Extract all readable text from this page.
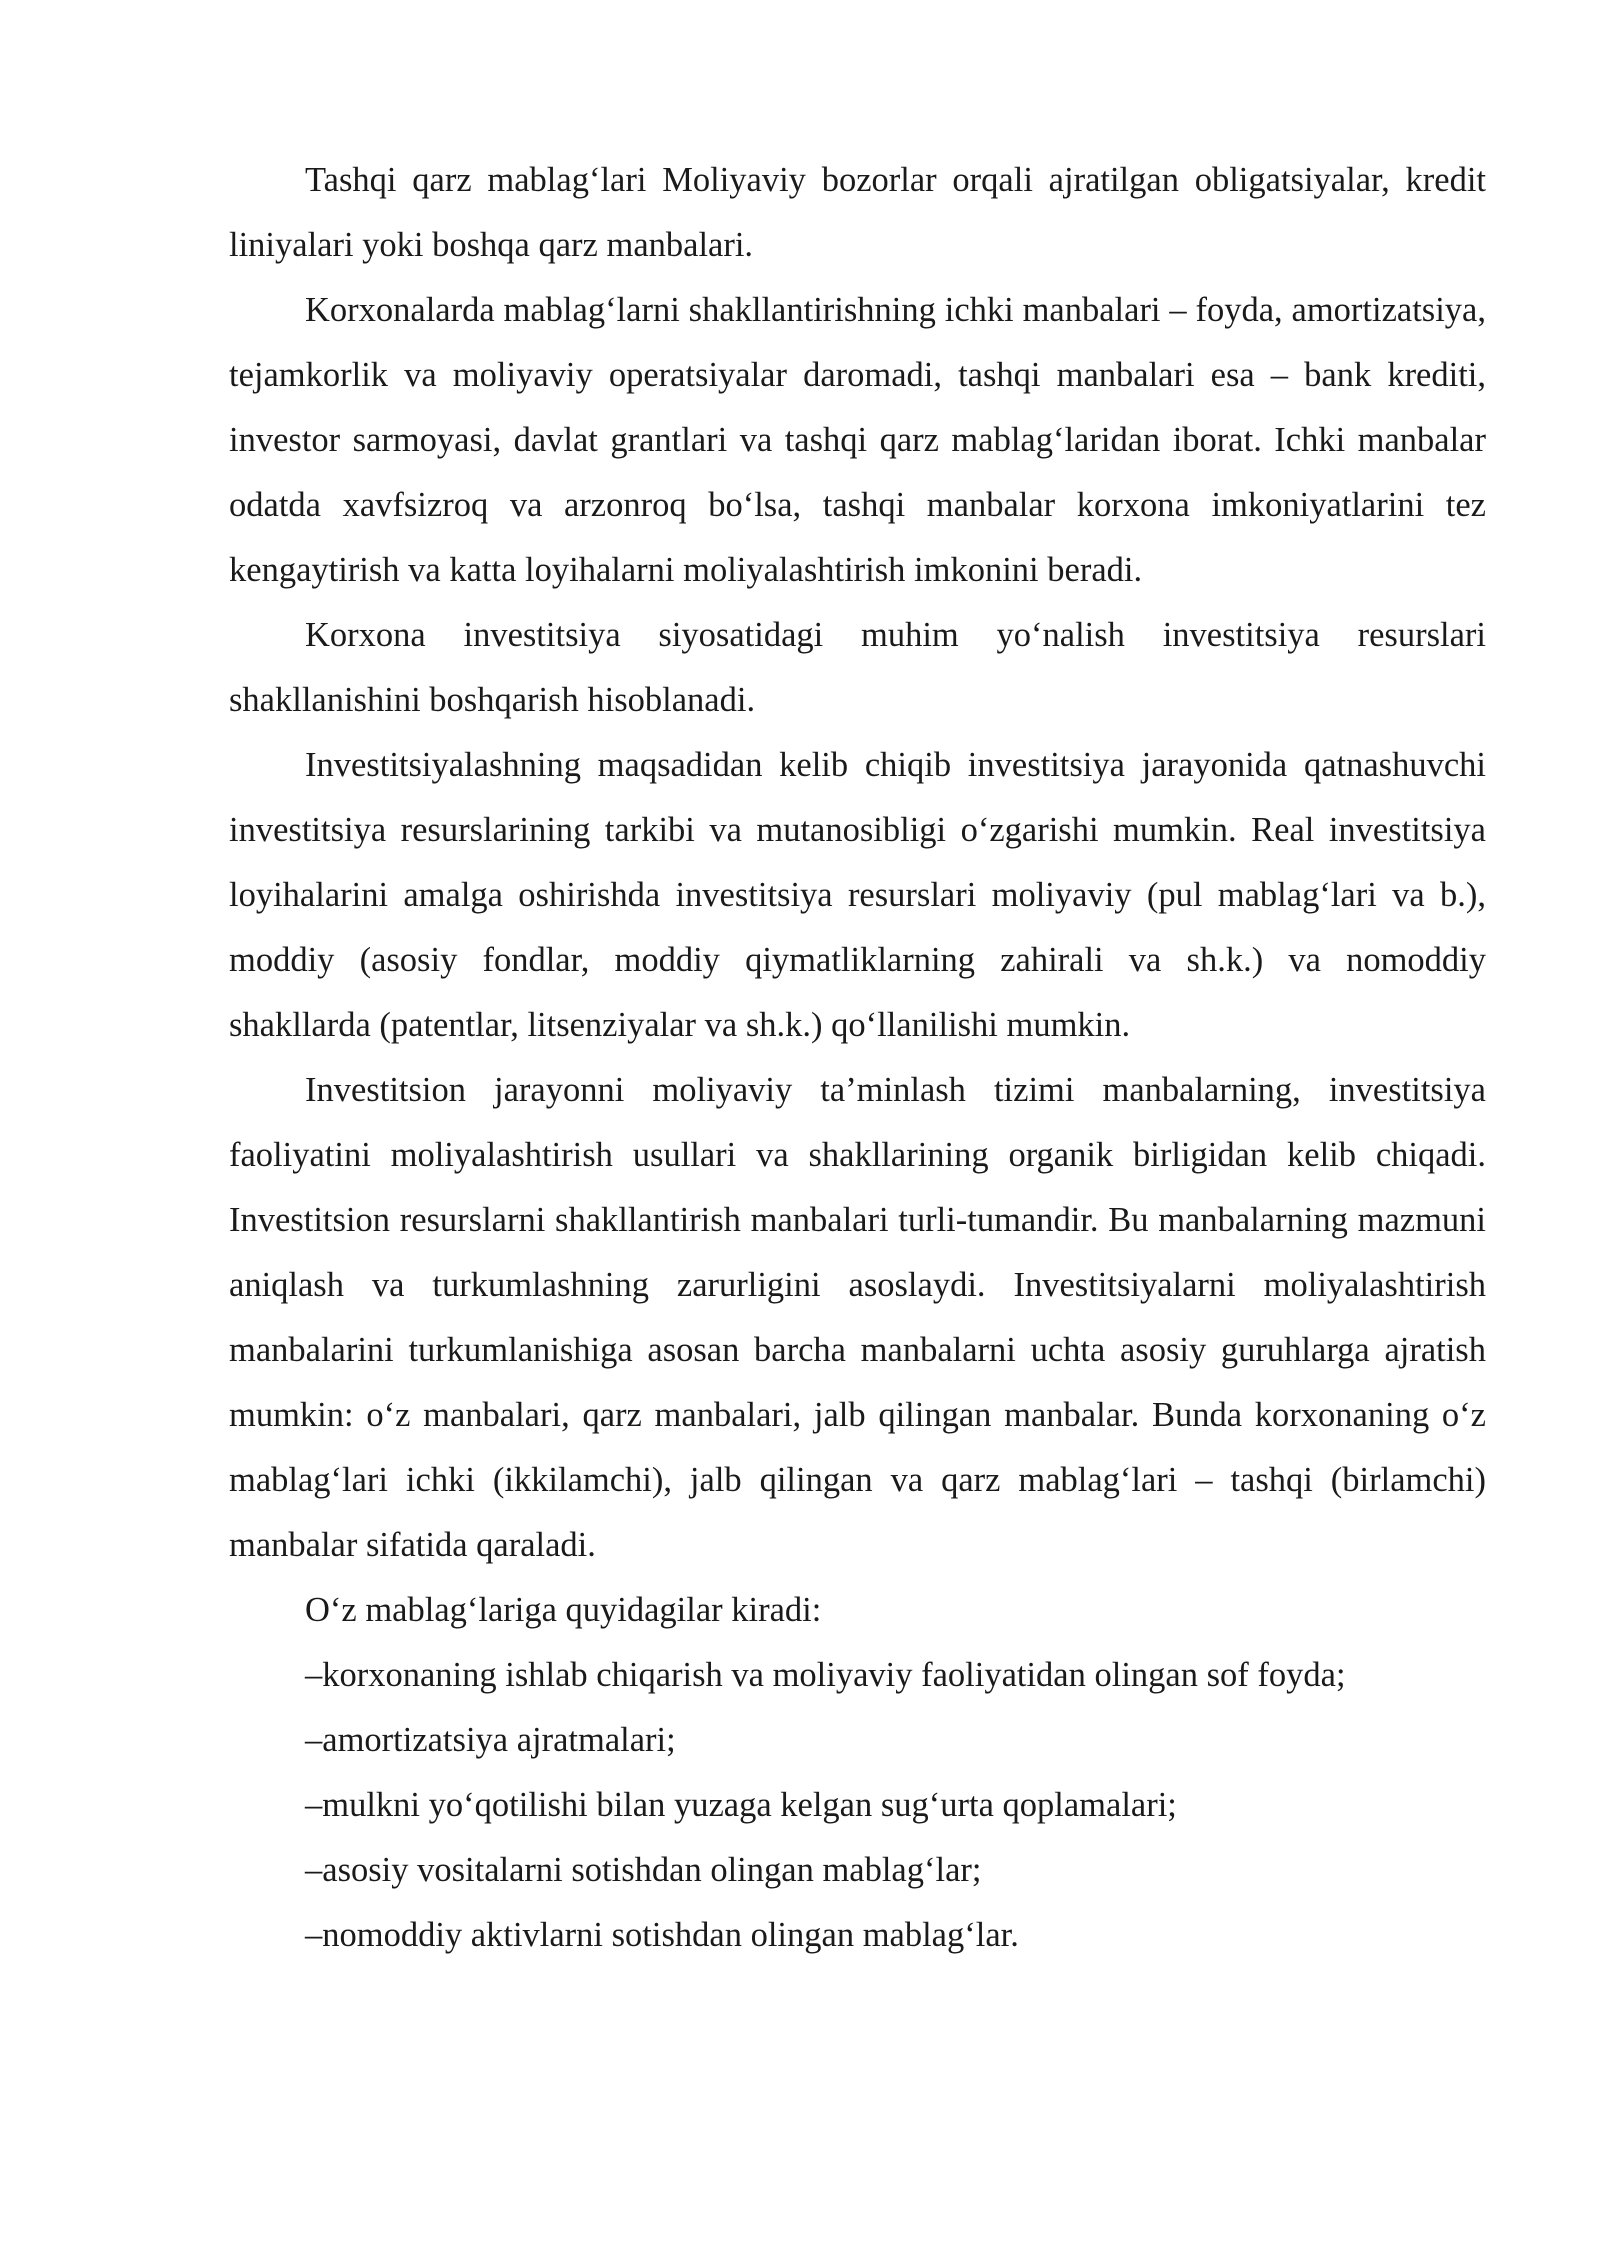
Tashqi qarz mablag‘lari Moliyaviy bozorlar orqali ajratilgan obligatsiyalar, kredit liniyalari yoki boshqa qarz manbalari.

Korxonalarda mablag‘larni shakllantirishning ichki manbalari – foyda, amortizatsiya, tejamkorlik va moliyaviy operatsiyalar daromadi, tashqi manbalari esa – bank krediti, investor sarmoyasi, davlat grantlari va tashqi qarz mablag‘laridan iborat. Ichki manbalar odatda xavfsizroq va arzonroq bo‘lsa, tashqi manbalar korxona imkoniyatlarini tez kengaytirish va katta loyihalarni moliyalashtirish imkonini beradi.

Korxona investitsiya siyosatidagi muhim yo‘nalish investitsiya resurslari shakllanishini boshqarish hisoblanadi.

Investitsiyalashning maqsadidan kelib chiqib investitsiya jarayonida qatnashuvchi investitsiya resurslarining tarkibi va mutanosibligi o‘zgarishi mumkin. Real investitsiya loyihalarini amalga oshirishda investitsiya resurslari moliyaviy (pul mablag‘lari va b.), moddiy (asosiy fondlar, moddiy qiymatliklarning zahirali va sh.k.) va nomoddiy shakllarda (patentlar, litsenziyalar va sh.k.) qo‘llanilishi mumkin.

Investitsion jarayonni moliyaviy ta’minlash tizimi manbalarning, investitsiya faoliyatini moliyalashtirish usullari va shakllarining organik birligidan kelib chiqadi. Investitsion resurslarni shakllantirish manbalari turli-tumandir. Bu manbalarning mazmuni aniqlash va turkumlashning zarurligini asoslaydi. Investitsiyalarni moliyalashtirish manbalarini turkumlanishiga asosan barcha manbalarni uchta asosiy guruhlarga ajratish mumkin: o‘z manbalari, qarz manbalari, jalb qilingan manbalar. Bunda korxonaning o‘z mablag‘lari ichki (ikkilamchi), jalb qilingan va qarz mablag‘lari – tashqi (birlamchi) manbalar sifatida qaraladi.

O‘z mablag‘lariga quyidagilar kiradi:

–korxonaning ishlab chiqarish va moliyaviy faoliyatidan olingan sof foyda;

–amortizatsiya ajratmalari;

–mulkni yo‘qotilishi bilan yuzaga kelgan sug‘urta qoplamalari;

–asosiy vositalarni sotishdan olingan mablag‘lar;

–nomoddiy aktivlarni sotishdan olingan mablag‘lar.
